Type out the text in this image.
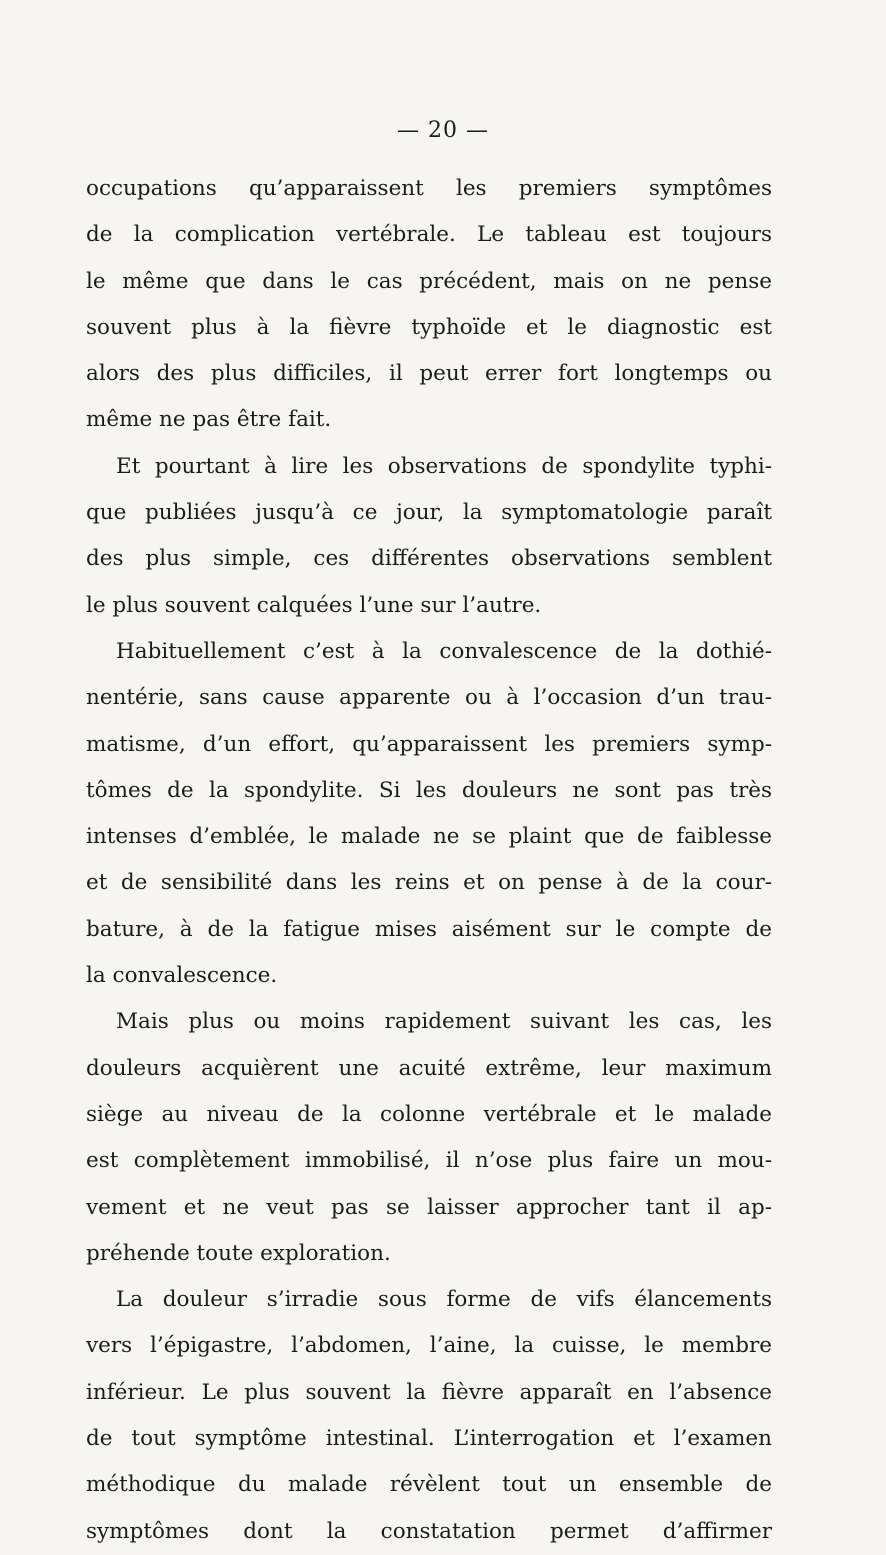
— 20 —
occupations qu’apparaissent les premiers symptômes
de la complication vertébrale. Le tableau est toujours
le même que dans le cas précédent, mais on ne pense
souvent plus à la fièvre typhoïde et le diagnostic est
alors des plus difficiles, il peut errer fort longtemps ou
même ne pas être fait.
Et pourtant à lire les observations de spondylite typhi-
que publiées jusqu’à ce jour, la symptomatologie paraît
des plus simple, ces différentes observations semblent
le plus souvent calquées l’une sur l’autre.
Habituellement c’est à la convalescence de la dothié-
nentérie, sans cause apparente ou à l’occasion d’un trau-
matisme, d’un effort, qu’apparaissent les premiers symp-
tômes de la spondylite. Si les douleurs ne sont pas très
intenses d’emblée, le malade ne se plaint que de faiblesse
et de sensibilité dans les reins et on pense à de la cour-
bature, à de la fatigue mises aisément sur le compte de
la convalescence.
Mais plus ou moins rapidement suivant les cas, les
douleurs acquièrent une acuité extrême, leur maximum
siège au niveau de la colonne vertébrale et le malade
est complètement immobilisé, il n’ose plus faire un mou-
vement et ne veut pas se laisser approcher tant il ap-
préhende toute exploration.
La douleur s’irradie sous forme de vifs élancements
vers l’épigastre, l’abdomen, l’aine, la cuisse, le membre
inférieur. Le plus souvent la fièvre apparaît en l’absence
de tout symptôme intestinal. L’interrogation et l’examen
méthodique du malade révèlent tout un ensemble de
symptômes dont la constatation permet d’affirmer
